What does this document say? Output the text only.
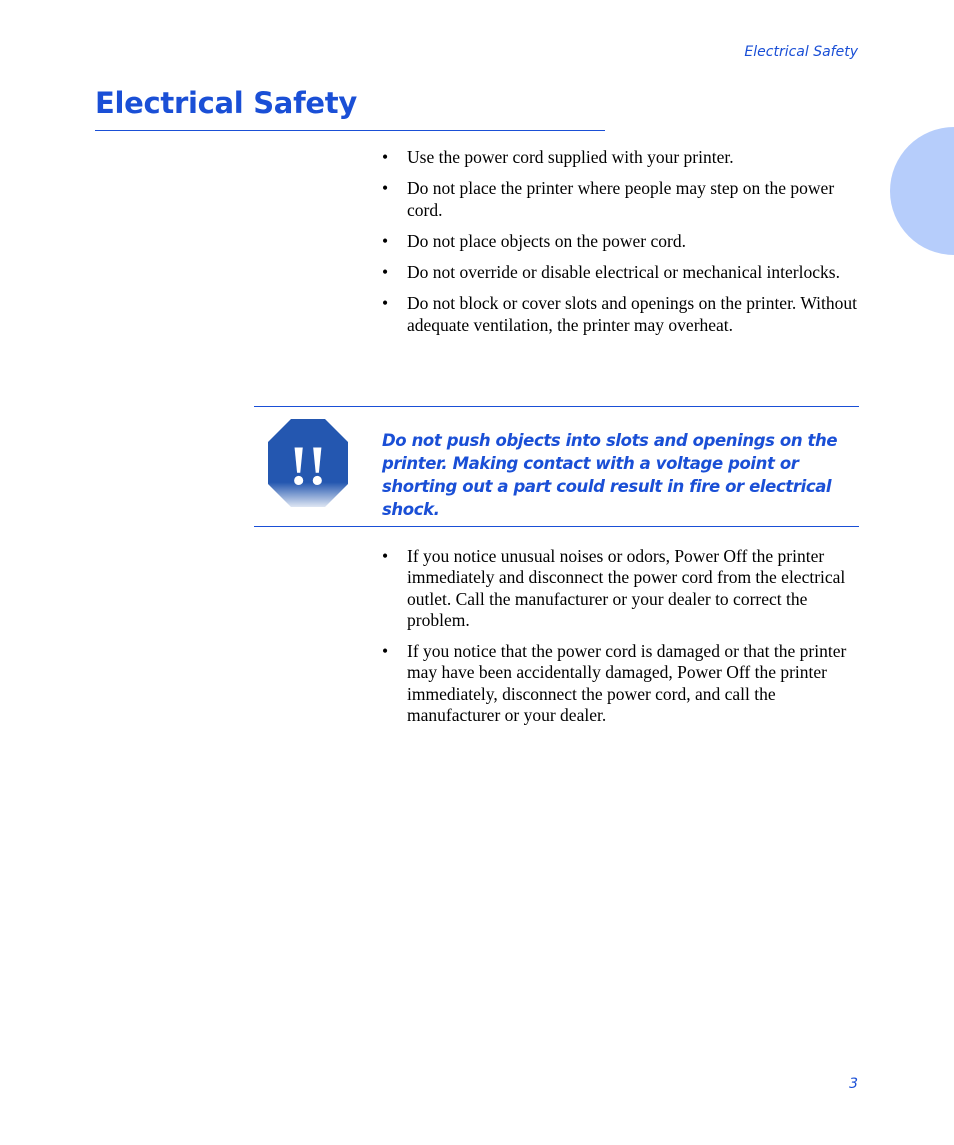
Electrical Safety
Electrical Safety
• Use the power cord supplied with your printer.
• Do not place the printer where people may step on the power cord.
• Do not place objects on the power cord.
• Do not override or disable electrical or mechanical interlocks.
• Do not block or cover slots and openings on the printer. Without adequate ventilation, the printer may overheat.
!!	Do not push objects into slots and openings on the printer. Making contact with a voltage point or shorting out a part could result in fire or electrical shock.

• If you notice unusual noises or odors, Power Off the printer immediately and disconnect the power cord from the electrical outlet. Call the manufacturer or your dealer to correct the problem.
• If you notice that the power cord is damaged or that the printer may have been accidentally damaged, Power Off the printer immediately, disconnect the power cord, and call the manufacturer or your dealer.
3
